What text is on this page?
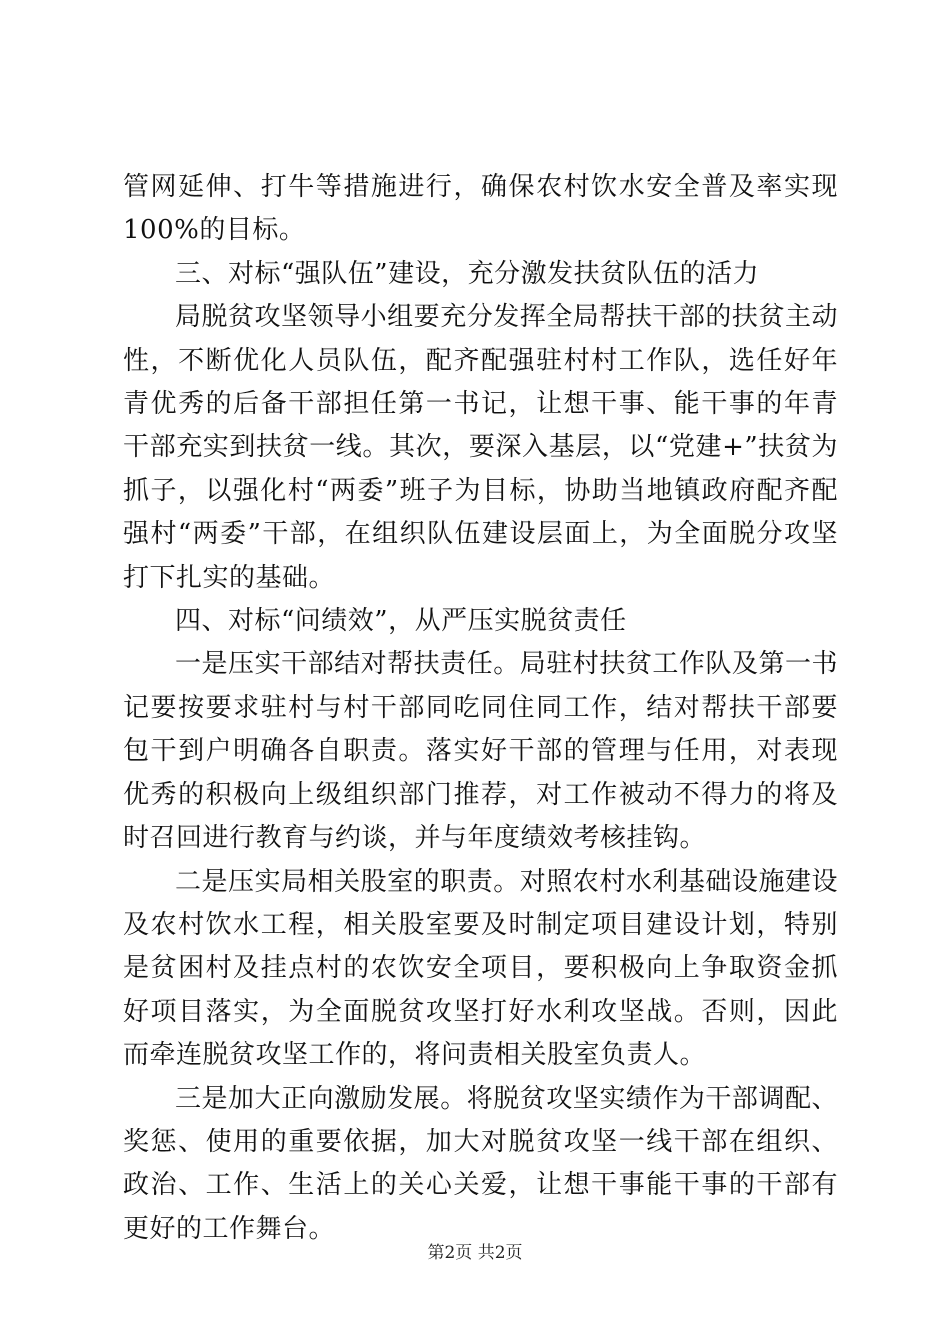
管网延伸、打牛等措施进行，确保农村饮水安全普及率实现100%的目标。

三、对标“强队伍”建设，充分激发扶贫队伍的活力

局脱贫攻坚领导小组要充分发挥全局帮扶干部的扶贫主动性，不断优化人员队伍，配齐配强驻村村工作队，选任好年青优秀的后备干部担任第一书记，让想干事、能干事的年青干部充实到扶贫一线。其次，要深入基层，以“党建+”扶贫为抓子，以强化村“两委”班子为目标，协助当地镇政府配齐配强村“两委”干部，在组织队伍建设层面上，为全面脱分攻坚打下扎实的基础。

四、对标“问绩效”，从严压实脱贫责任

一是压实干部结对帮扶责任。局驻村扶贫工作队及第一书记要按要求驻村与村干部同吃同住同工作，结对帮扶干部要包干到户明确各自职责。落实好干部的管理与任用，对表现优秀的积极向上级组织部门推荐，对工作被动不得力的将及时召回进行教育与约谈，并与年度绩效考核挂钩。

二是压实局相关股室的职责。对照农村水利基础设施建设及农村饮水工程，相关股室要及时制定项目建设计划，特别是贫困村及挂点村的农饮安全项目，要积极向上争取资金抓好项目落实，为全面脱贫攻坚打好水利攻坚战。否则，因此而牵连脱贫攻坚工作的，将问责相关股室负责人。

三是加大正向激励发展。将脱贫攻坚实绩作为干部调配、奖惩、使用的重要依据，加大对脱贫攻坚一线干部在组织、政治、工作、生活上的关心关爱，让想干事能干事的干部有更好的工作舞台。

第2页 共2页
